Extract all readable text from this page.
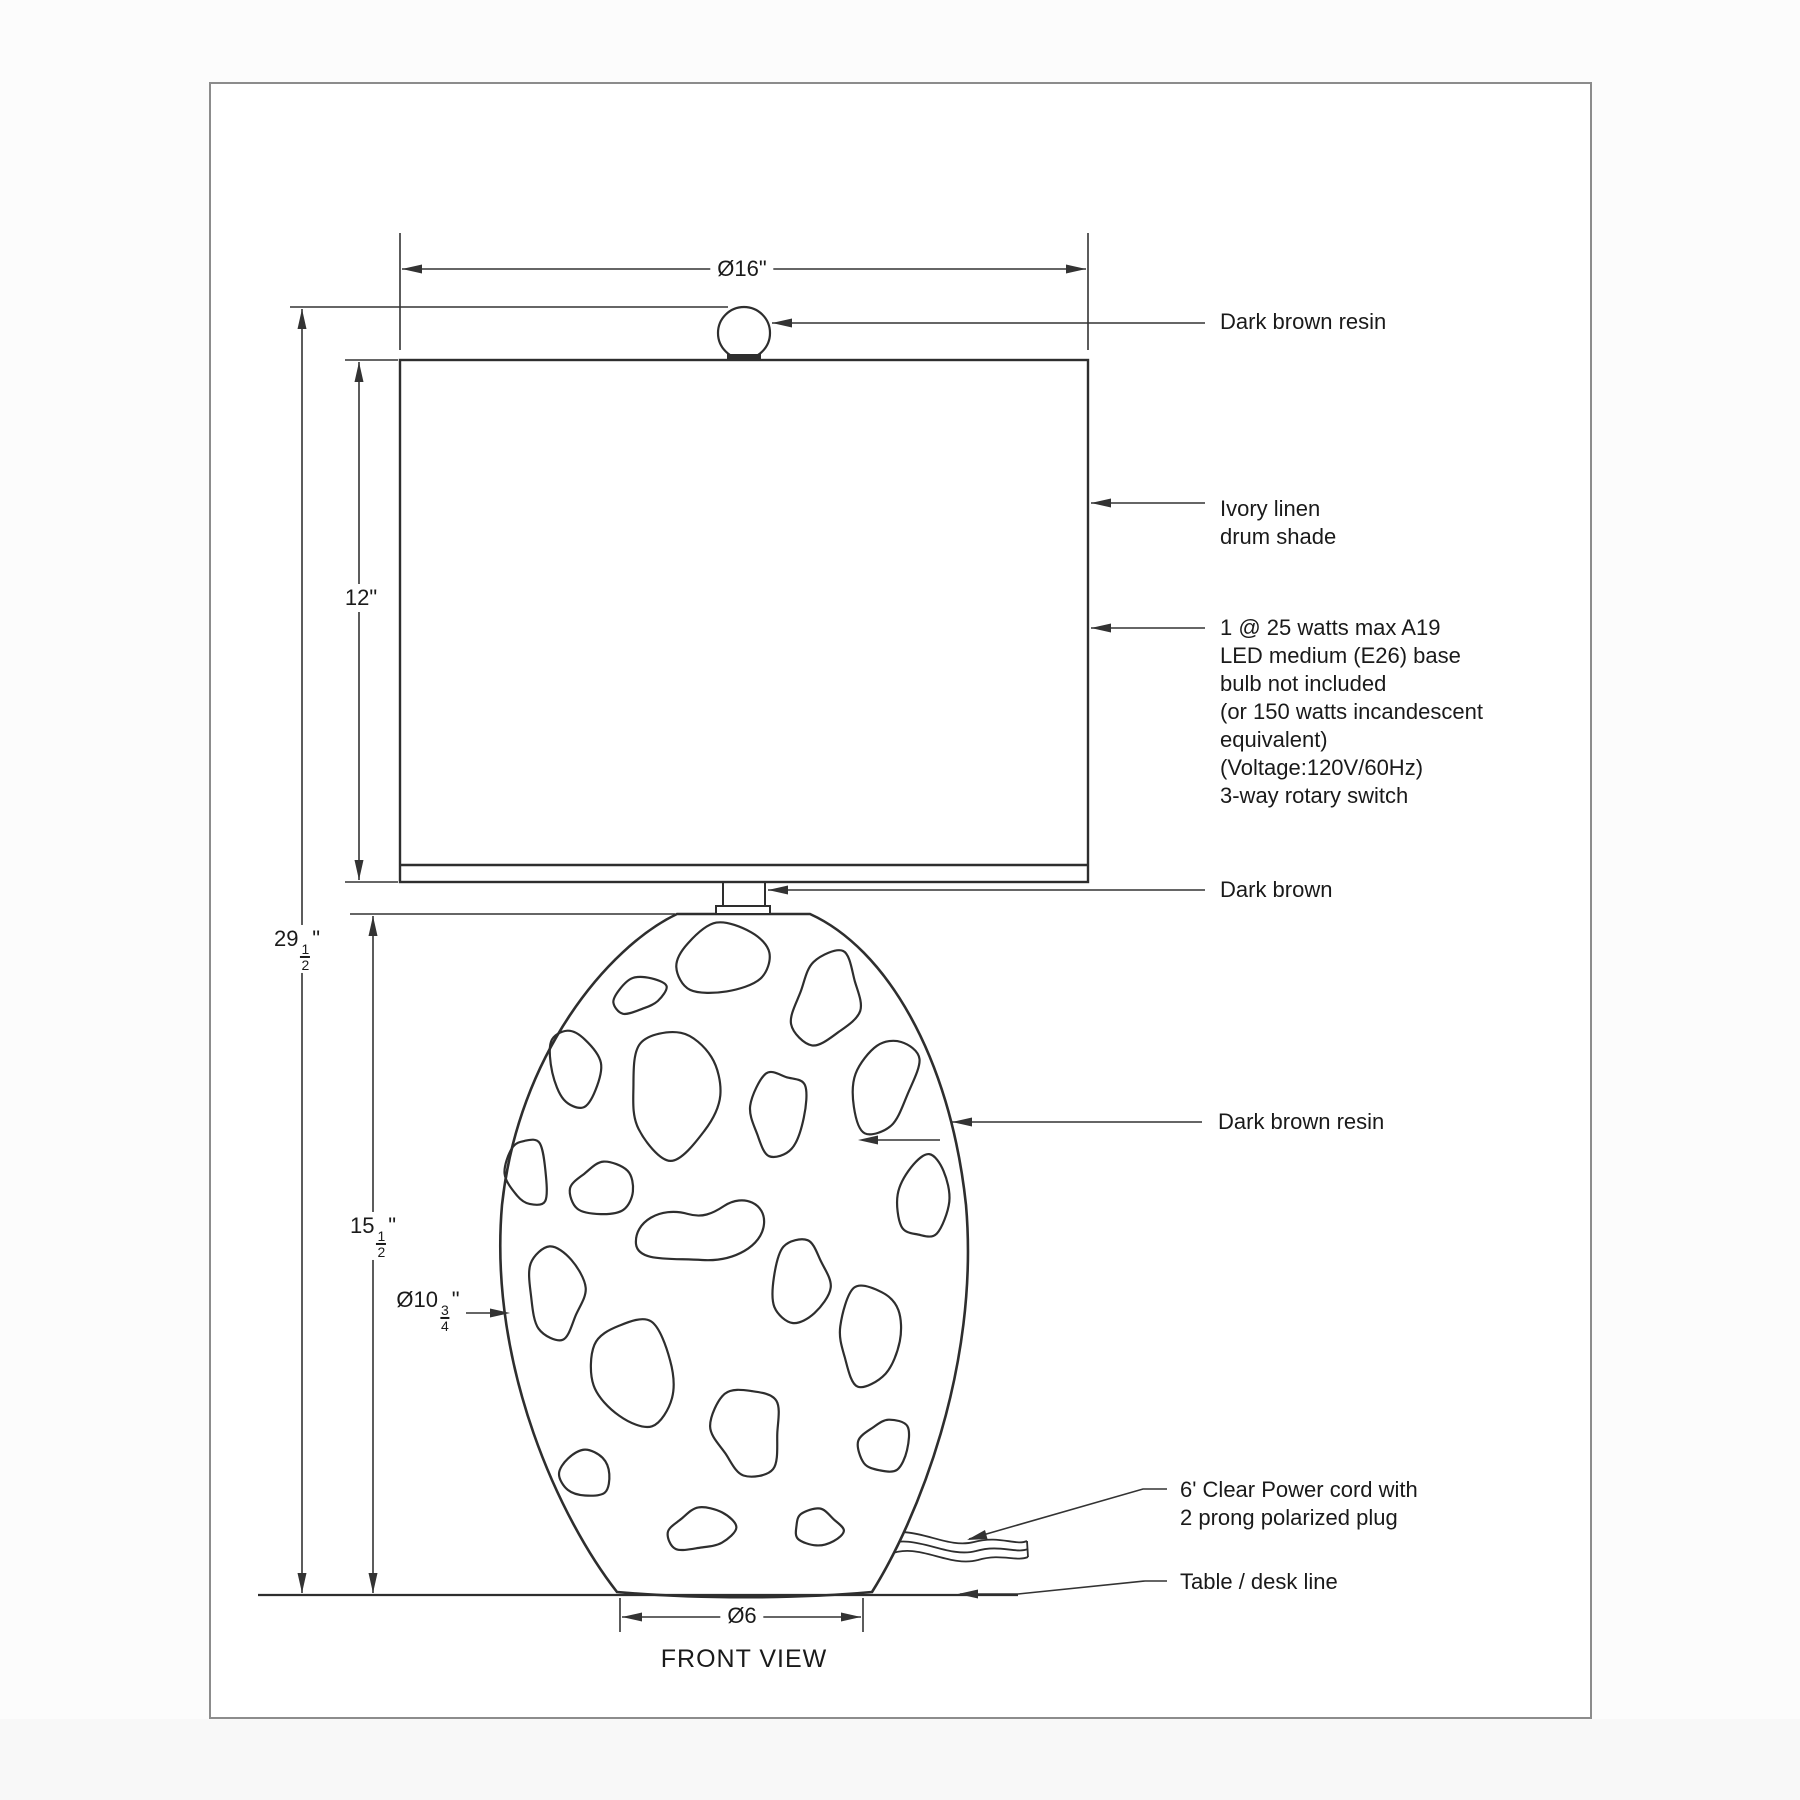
Dark brown resin
Ivory linen
drum shade
1 @ 25 watts max A19
LED medium (E26) base
bulb not included
(or 150 watts incandescent
equivalent)
(Voltage:120V/60Hz)
3-way rotary switch
Dark brown
Dark brown resin
6' Clear Power cord with
2 prong polarized plug
Table / desk line
Ø16"
12"
29
$\frac{1}{2}$
"
15
$\frac{1}{2}$
"
Ø10
$\frac{3}{4}$
"
Ø6
FRONT VIEW
